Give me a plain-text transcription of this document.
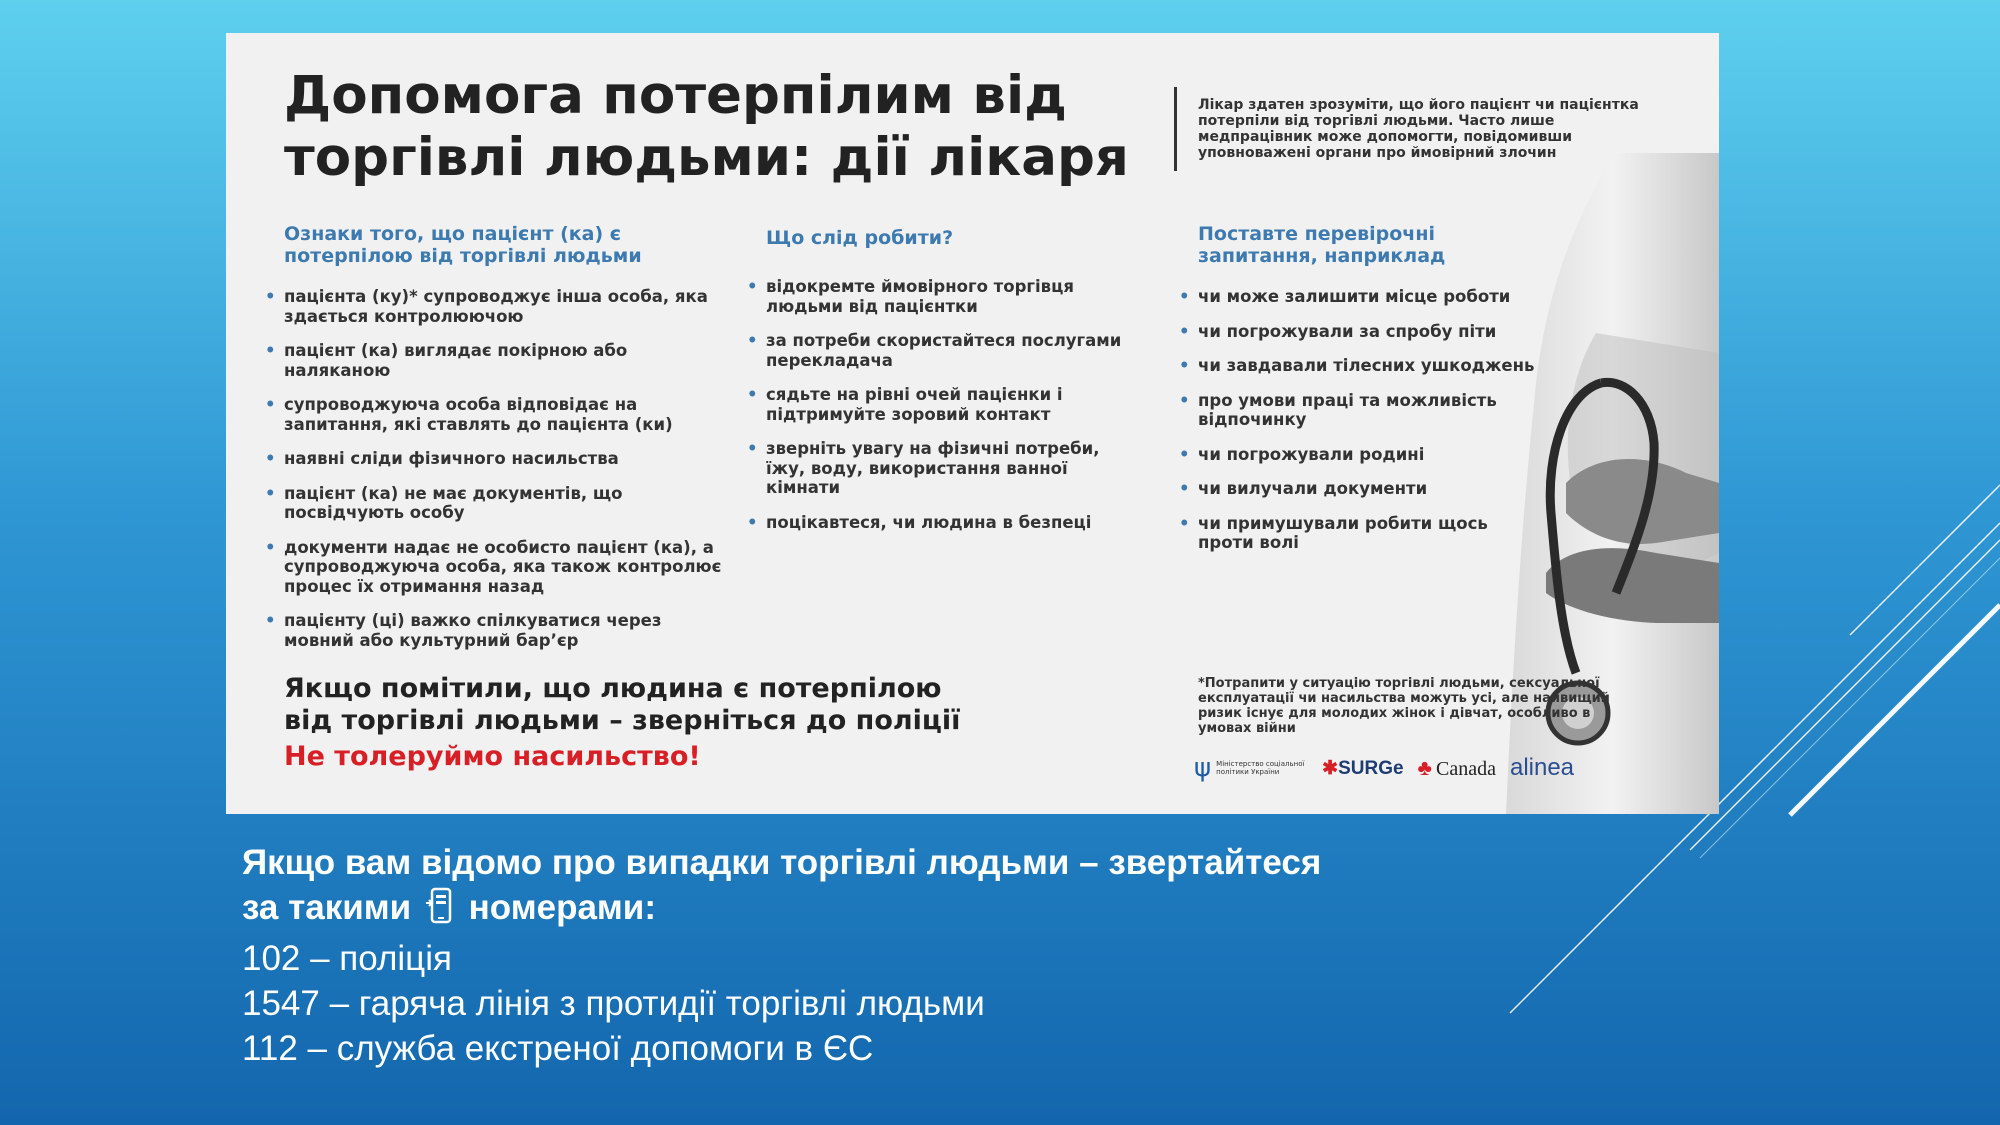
Допомога потерпілим від
торгівлі людьми: дії лікаря

Лікар здатен зрозуміти, що його пацієнт чи пацієнтка потерпіли від торгівлі людьми. Часто лише медпрацівник може допомогти, повідомивши уповноважені органи про ймовірний злочин

Ознаки того, що пацієнт (ка) є потерпілою від торгівлі людьми
• пацієнта (ку)* супроводжує інша особа, яка здається контролюючою
• пацієнт (ка) виглядає покірною або наляканою
• супроводжуюча особа відповідає на запитання, які ставлять до пацієнта (ки)
• наявні сліди фізичного насильства
• пацієнт (ка) не має документів, що посвідчують особу
• документи надає не особисто пацієнт (ка), а супроводжуюча особа, яка також контролює процес їх отримання назад
• пацієнту (ці) важко спілкуватися через мовний або культурний бар’єр
Що слід робити?
• відокремте ймовірного торгівця людьми від пацієнтки
• за потреби скористайтеся послугами перекладача
• сядьте на рівні очей пацієнки і підтримуйте зоровий контакт
• зверніть увагу на фізичні потреби, їжу, воду, використання ванної кімнати
• поцікавтеся, чи людина в безпеці
Поставте перевірочні запитання, наприклад
• чи може залишити місце роботи
• чи погрожували за спробу піти
• чи завдавали тілесних ушкоджень
• про умови праці та можливість відпочинку
• чи погрожували родині
• чи вилучали документи
• чи примушували робити щось проти волі
Якщо помітили, що людина є потерпілою
від торгівлі людьми – зверніться до поліції
Не толеруймо насильство!

*Потрапити у ситуацію торгівлі людьми, сексуальної експлуатації чи насильства можуть усі, але найвищий ризик існує для молодих жінок і дівчат, особливо в умовах війни

ψ Міністерство соціальної політики України	✱SURGe ♣ Canada alinea
Якщо вам відомо про випадки торгівлі людьми – звертайтеся
за такими номерами:
102 – поліція
1547 – гаряча лінія з протидії торгівлі людьми
112 – служба екстреної допомоги в ЄС
